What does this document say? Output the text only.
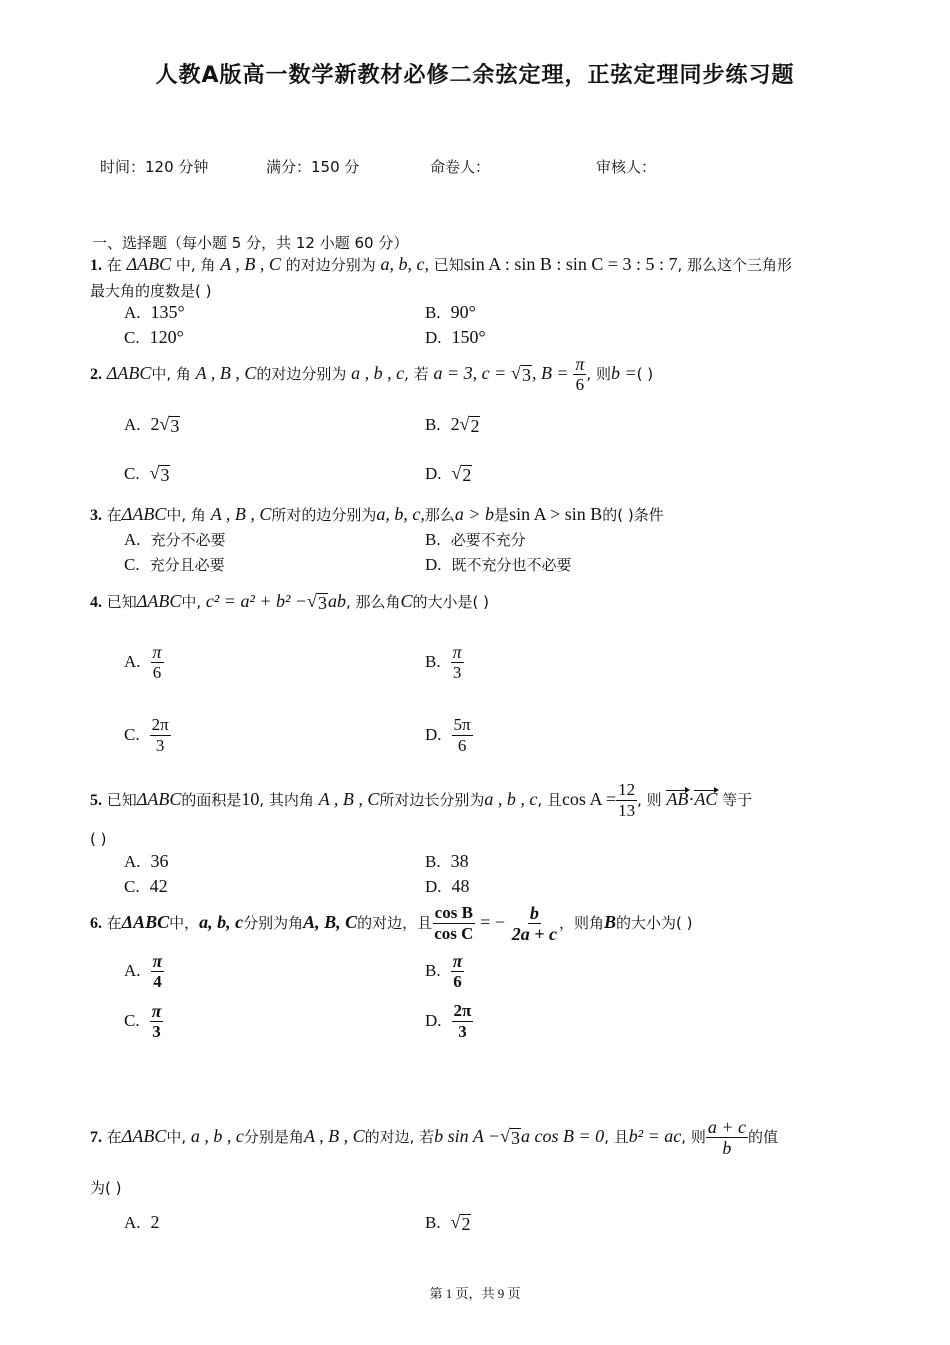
人教A版高一数学新教材必修二余弦定理，正弦定理同步练习题
时间：120 分钟	满分：150 分	命卷人：	审核人：
一、选择题（每小题 5 分，共 12 小题 60 分）
1. 在 ΔABC 中, 角 A , B , C 的对边分别为 a, b, c, 已知sin A : sin B : sin C = 3 : 5 : 7, 那么这个三角形
最大角的度数是( )
A. 135°	B. 90°
C. 120°	D. 150°
2. ΔABC中, 角 A , B , C的对边分别为 a , b , c, 若 a = 3, c = √ 3 , $B = \frac{\pi}{6}$ , 则b =( )
A. 2 √ 3	B. 2 √ 2
C. √ 3	D. √ 2
3. 在ΔABC中, 角 A , B , C所对的边分别为a, b, c,那么a > b是sin A > sin B的( )条件
A. 充分不必要	B. 必要不充分
C. 充分且必要	D. 既不充分也不必要
4. 已知ΔABC中, c² = a² + b² − √ 3 ab, 那么角C的大小是( )
A. $\frac{\pi}{6}$	B. $\frac{\pi}{3}$
C. $\frac{2\pi}{3}$	D. $\frac{5\pi}{6}$
5. 已知ΔABC的面积是10, 其内角 A , B , C所对边长分别为a , b , c, 且$\cos A = \frac{12}{13}$ , 则 AB·AC 等于
( )
A. 36	B. 38
C. 42	D. 48
6. 在ΔABC中，a, b, c分别为角A, B, C的对边，且 $\frac{\text{cos B}}{\text{cos C}}$ = − $\frac{b}{2a + c}$ ，则角B的大小为( )
A. $\frac{\pi}{4}$	B. $\frac{\pi}{6}$
C. $\frac{\pi}{3}$	D. $\frac{2\pi}{3}$
7. 在ΔABC中, a , b , c分别是角A , B , C的对边, 若b sin A − √ 3 a cos B = 0, 且b² = ac, 则 $\frac{a + c}{b}$ 的值
为( )
A. 2	B. √ 2
第 1 页，共 9 页
